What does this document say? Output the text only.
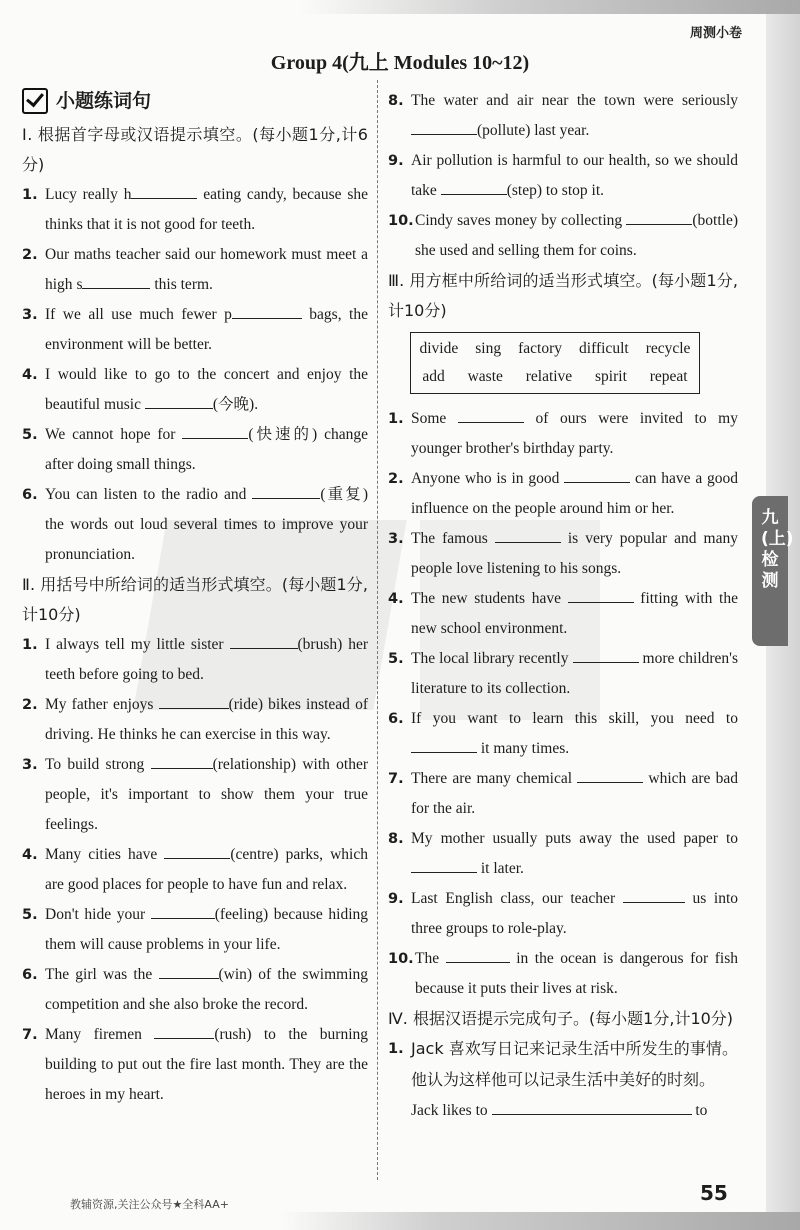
周测小卷
Group 4(九上 Modules 10~12)
小题练词句

Ⅰ. 根据首字母或汉语提示填空。(每小题1分,计6分)

1. Lucy really h	eating candy, because she thinks that it is not good for teeth.
2. Our maths teacher said our homework must meet a high s	this term.
3. If we all use much fewer p	bags, the environment will be better.
4. I would like to go to the concert and enjoy the beautiful music	(今晚).
5. We cannot hope for	(快速的) change after doing small things.
6. You can listen to the radio and	(重复) the words out loud several times to improve your pronunciation.

Ⅱ. 用括号中所给词的适当形式填空。(每小题1分,计10分)

1. I always tell my little sister	(brush) her teeth before going to bed.
2. My father enjoys	(ride) bikes instead of driving. He thinks he can exercise in this way.
3. To build strong	(relationship) with other people, it's important to show them your true feelings.
4. Many cities have	(centre) parks, which are good places for people to have fun and relax.
5. Don't hide your	(feeling) because hiding them will cause problems in your life.
6. The girl was the	(win) of the swimming competition and she also broke the record.
7. Many firemen	(rush) to the burning building to put out the fire last month. They are the heroes in my heart.
8. The water and air near the town were seriously (pollute) last year.
9. Air pollution is harmful to our health, so we should take	(step) to stop it.
10. Cindy saves money by collecting	(bottle) she used and selling them for coins.

Ⅲ. 用方框中所给词的适当形式填空。(每小题1分,计10分)

divide sing factory difficult recycle
add waste relative spirit repeat
1. Some	of ours were invited to my younger brother's birthday party.
2. Anyone who is in good	can have a good influence on the people around him or her.
3. The famous	is very popular and many people love listening to his songs.
4. The new students have	fitting with the new school environment.
5. The local library recently	more children's literature to its collection.
6. If you want to learn this skill, you need to  it many times.
7. There are many chemical	which are bad for the air.
8. My mother usually puts away the used paper to  it later.
9. Last English class, our teacher	us into three groups to role-play.
10. The	in the ocean is dangerous for fish because it puts their lives at risk.

Ⅳ. 根据汉语提示完成句子。(每小题1分,计10分)

1. Jack 喜欢写日记来记录生活中所发生的事情。他认为这样他可以记录生活中美好的时刻。
Jack likes to	to
九(上)检测
教辅资源,关注公众号★全科AA+	55
